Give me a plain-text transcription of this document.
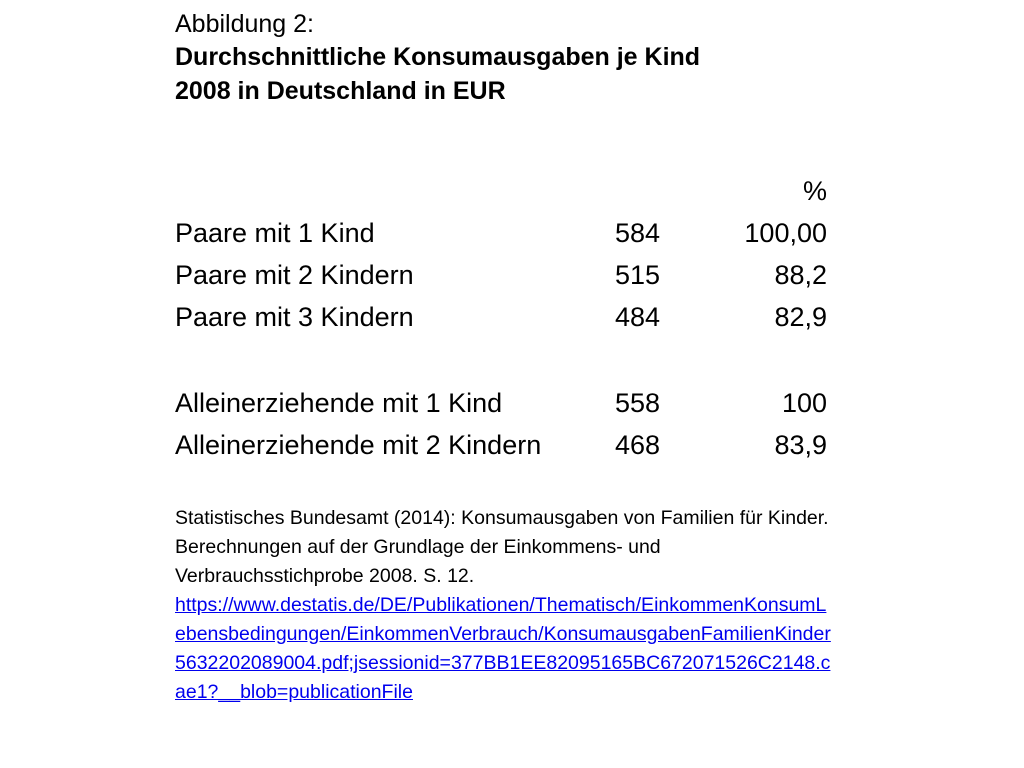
Abbildung 2:

Durchschnittliche Konsumausgaben je Kind

2008 in Deutschland in EUR

		%
Paare mit 1 Kind	584	100,00
Paare mit 2 Kindern	515	88,2
Paare mit 3 Kindern	484	82,9

Alleinerziehende mit 1 Kind	558	100
Alleinerziehende mit 2 Kindern	468	83,9

Statistisches Bundesamt (2014): Konsumausgaben von Familien für Kinder. Berechnungen auf der Grundlage der Einkommens- und Verbrauchsstichprobe 2008. S. 12.

https://www.destatis.de/DE/Publikationen/Thematisch/EinkommenKonsumLebensbedingungen/EinkommenVerbrauch/KonsumausgabenFamilienKinder5632202089004.pdf;jsessionid=377BB1EE82095165BC672071526C2148.cae1?__blob=publicationFile
